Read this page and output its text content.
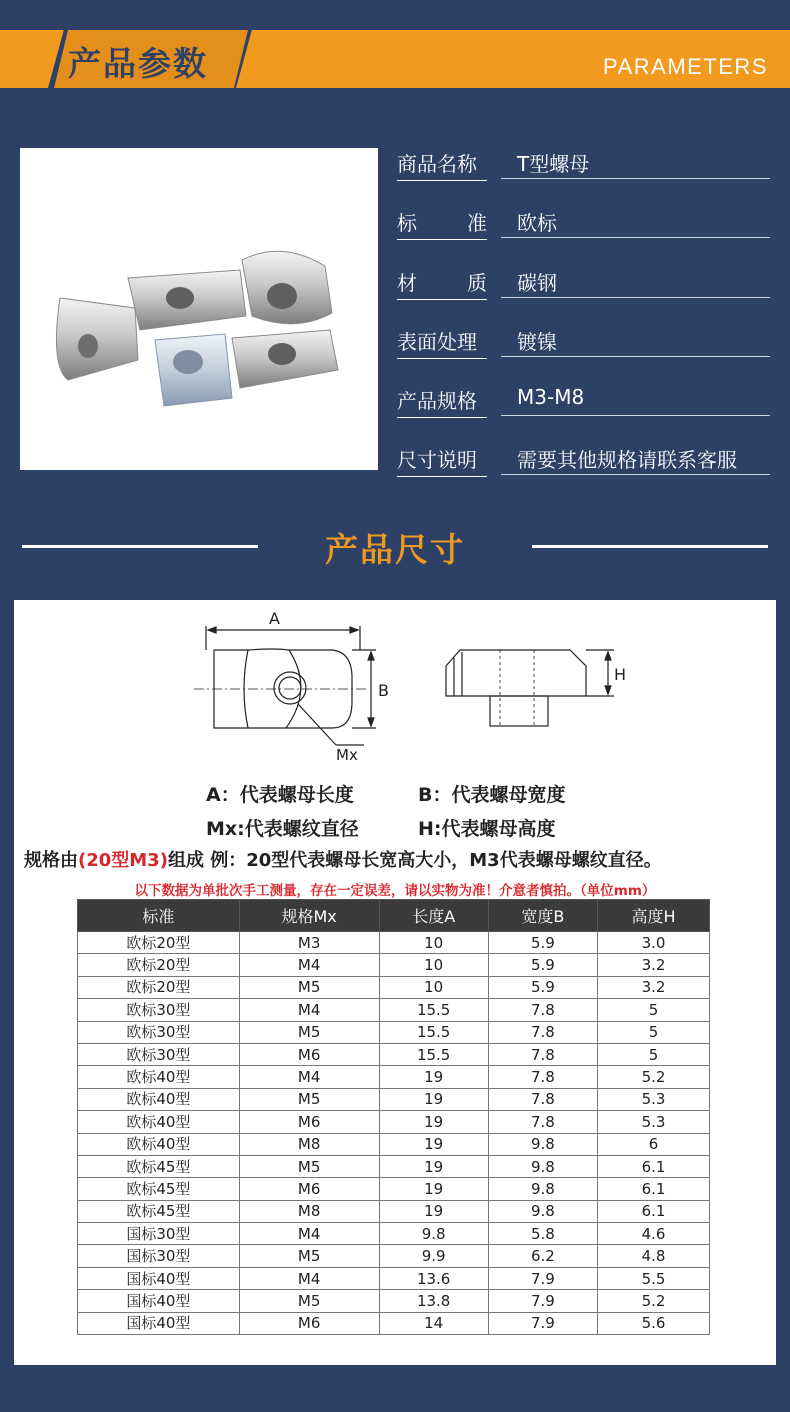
产品参数	PARAMETERS
商品名称	T型螺母
标	准 欧标
材	质 碳钢
表面处理	镀镍
产品规格	M3-M8
尺寸说明	需要其他规格请联系客服
产品尺寸
A
B
H
Mx
A：代表螺母长度	B：代表螺母宽度
Mx:代表螺纹直径	H:代表螺母高度
规格由(20型M3)组成 例：20型代表螺母长宽高大小，M3代表螺母螺纹直径。
以下数据为单批次手工测量，存在一定误差，请以实物为准！介意者慎拍。（单位mm）
标准	规格Mx	长度A	宽度B	高度H
欧标20型	M3	10	5.9	3.0
欧标20型	M4	10	5.9	3.2
欧标20型	M5	10	5.9	3.2
欧标30型	M4	15.5	7.8	5
欧标30型	M5	15.5	7.8	5
欧标30型	M6	15.5	7.8	5
欧标40型	M4	19	7.8	5.2
欧标40型	M5	19	7.8	5.3
欧标40型	M6	19	7.8	5.3
欧标40型	M8	19	9.8	6
欧标45型	M5	19	9.8	6.1
欧标45型	M6	19	9.8	6.1
欧标45型	M8	19	9.8	6.1
国标30型	M4	9.8	5.8	4.6
国标30型	M5	9.9	6.2	4.8
国标40型	M4	13.6	7.9	5.5
国标40型	M5	13.8	7.9	5.2
国标40型	M6	14	7.9	5.6
